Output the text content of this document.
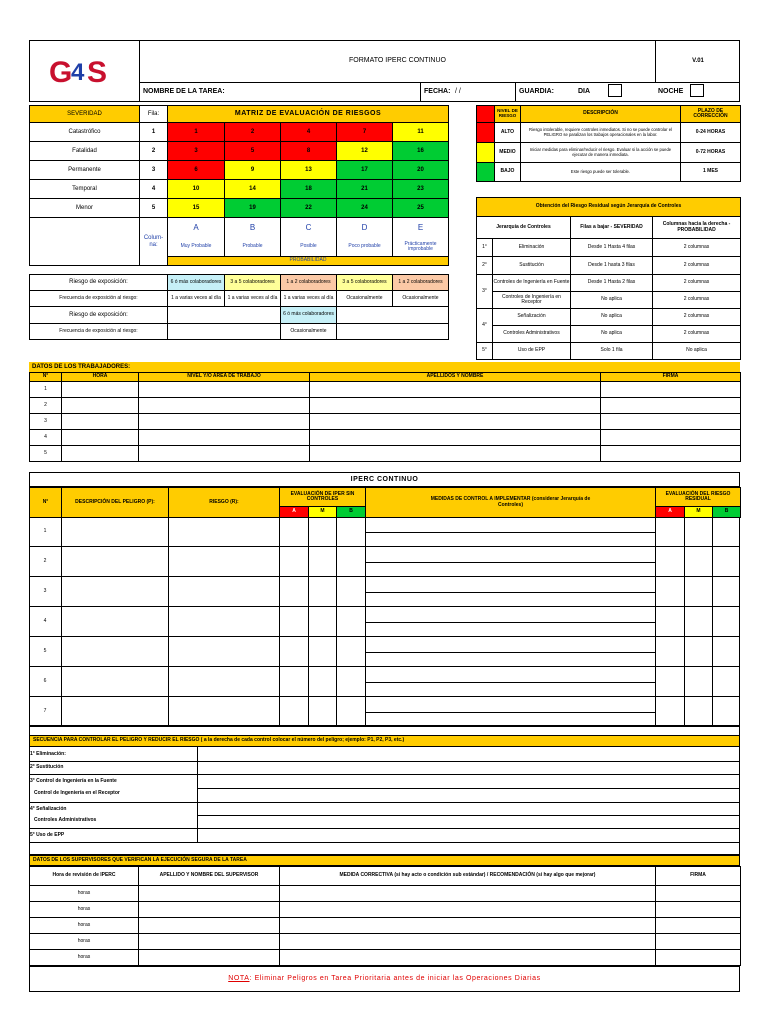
G
4 S	FORMATO IPERC CONTINUO	V.01
NOMBRE DE LA TAREA:	FECHA: / /	GUARDIA:	DIA	NOCHE
SEVERIDAD	Fila:	MATRIZ DE EVALUACIÓN DE RIESGOS				

Catastrófico	1	1	2	4	7	11

Fatalidad	2	3	5	8	12	16

Permanente	3	6	9	13	17	20

Temporal	4	10	14	18	21	23

Menor	5	15	19	22	24	25

Colum-na:	A	B	C	D	E

Muy Probable	Probable	Posible	Poco probable	Prácticamente improbable

PROBABILIDAD				

NIVEL DE RIESGO	DESCRIPCIÓN	PLAZO DE CORRECCIÓN

ALTO	Riesgo intolerable, requiere controles inmediatos. Si no se puede controlar el PELIGRO se paralizan los trabajos operacionales en la labor.	0-24 HORAS

MEDIO	Iniciar medidas para eliminar/reducir el riesgo. Evaluar si la acción se puede ejecutar de manera inmediata.	0-72 HORAS

BAJO	Este riesgo puede ser tolerable.	1 MES
Obtención del Riesgo Residual según Jerarquía de Controles			

Jerarquía de Controles		Filas a bajar - SEVERIDAD	Columnas hacia la derecha - PROBABILIDAD

1°	Eliminación	Desde 1 Hasta 4 filas	2 columnas

2°	Sustitución	Desde 1 hasta 3 filas	2 columnas

3°	Controles de Ingeniería en Fuente	Desde 1 Hasta 2 filas	2 columnas

Controles de Ingeniería en Receptor	No aplica	2 columnas

4°	Señalización	No aplica	2 columnas

Controles Administrativos	No aplica	2 columnas

5°	Uso de EPP	Solo 1 fila	No aplica
Riesgo de exposición:	6 ó más colaboradores	3 a 5 colaboradores	1 a 2 colaboradores	3 a 5 colaboradores	1 a 2 colaboradores

Frecuencia de exposición al riesgo:	1 a varias veces al día	1 a varias veces al día	1 a varias veces al día	Ocasionalmente	Ocasionalmente

Riesgo de exposición:			6 ó más colaboradores		

Frecuencia de exposición al riesgo:			Ocasionalmente		

DATOS DE LOS TRABAJADORES:
N°	HORA	NIVEL Y/O AREA DE TRABAJO	APELLIDOS Y NOMBRE	FIRMA

1				

2				

3				

4				

5				

IPERC CONTINUO
N°	DESCRIPCIÓN DEL PELIGRO (P):	RIESGO (R):	EVALUACIÓN DE IPER SIN CONTROLES			MEDIDAS DE CONTROL A IMPLEMENTAR (considerar Jerarquía de Controles)	EVALUACIÓN DEL RIESGO RESIDUAL		

A	M	B		A	M	B
1
2
3
4
5
6
7
SECUENCIA PARA CONTROLAR EL PELIGRO Y REDUCIR EL RIESGO ( a la derecha de cada control colocar el número del peligro; ejemplo: P1, P2, P3, etc.)
1° Eliminación:
2° Sustitución
3° Control de Ingeniería en la Fuente
Control de Ingeniería en el Receptor
4° Señalización
Controles Administrativos
5° Uso de EPP
DATOS DE LOS SUPERVISORES QUE VERIFICAN LA EJECUCIÓN SEGURA DE LA TAREA
Hora de revisión de IPERC	APELLIDO Y NOMBRE DEL SUPERVISOR	MEDIDA CORRECTIVA (si hay acto o condición sub estándar) / RECOMENDACIÓN (si hay algo que mejorar)	FIRMA

horas			

horas			

horas			

horas			

horas			

NOTA : Eliminar Peligros en Tarea Prioritaria antes de iniciar las Operaciones Diarias
